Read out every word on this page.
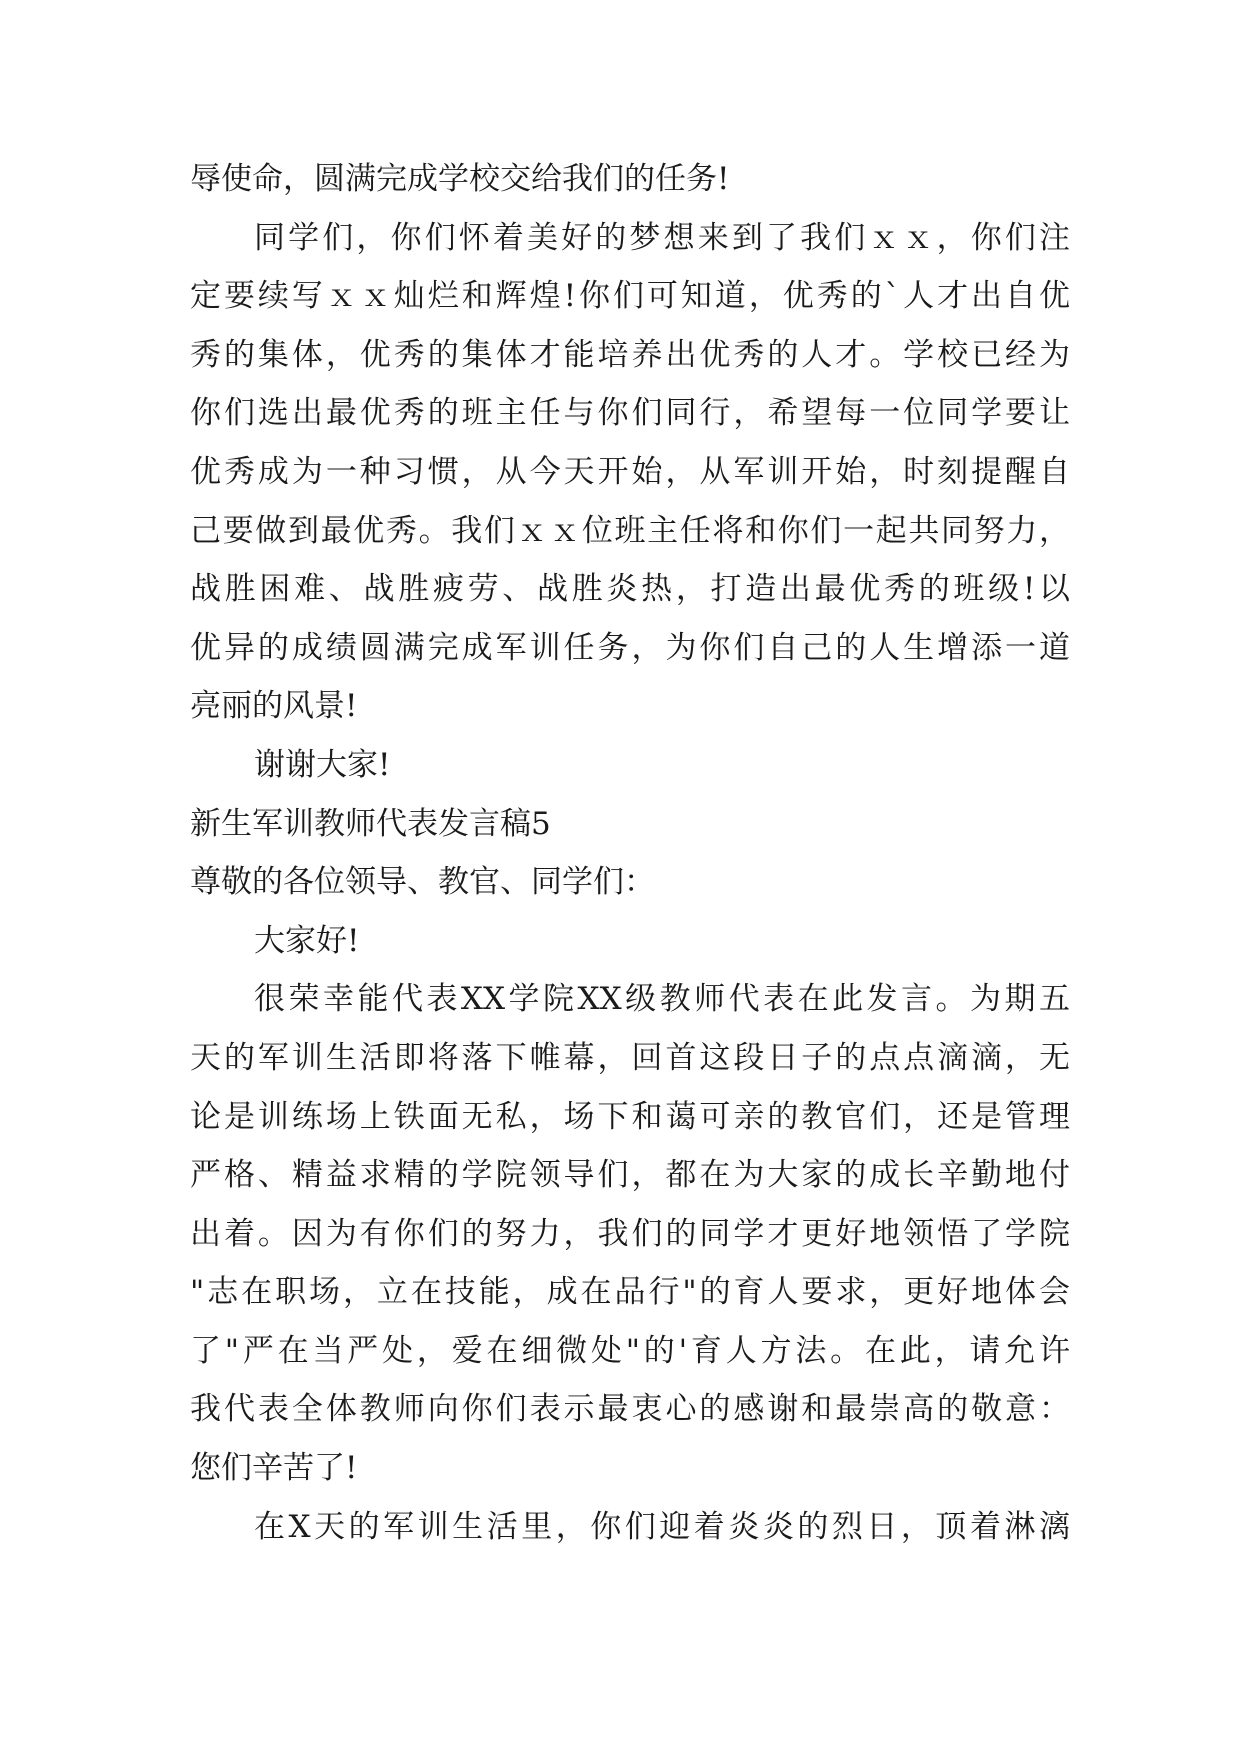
辱使命，圆满完成学校交给我们的任务!
同学们，你们怀着美好的梦想来到了我们ｘｘ，你们注
定要续写ｘｘ灿烂和辉煌!你们可知道，优秀的`人才出自优
秀的集体，优秀的集体才能培养出优秀的人才。学校已经为
你们选出最优秀的班主任与你们同行，希望每一位同学要让
优秀成为一种习惯，从今天开始，从军训开始，时刻提醒自
己要做到最优秀。我们ｘｘ位班主任将和你们一起共同努力，
战胜困难、战胜疲劳、战胜炎热，打造出最优秀的班级!以
优异的成绩圆满完成军训任务，为你们自己的人生增添一道
亮丽的风景!
谢谢大家!
新生军训教师代表发言稿5
尊敬的各位领导、教官、同学们：
大家好!
很荣幸能代表XX学院XX级教师代表在此发言。为期五
天的军训生活即将落下帷幕，回首这段日子的点点滴滴，无
论是训练场上铁面无私，场下和蔼可亲的教官们，还是管理
严格、精益求精的学院领导们，都在为大家的成长辛勤地付
出着。因为有你们的努力，我们的同学才更好地领悟了学院
"志在职场，立在技能，成在品行"的育人要求，更好地体会
了"严在当严处，爱在细微处"的'育人方法。在此，请允许
我代表全体教师向你们表示最衷心的感谢和最崇高的敬意：
您们辛苦了!
在X天的军训生活里，你们迎着炎炎的烈日，顶着淋漓
